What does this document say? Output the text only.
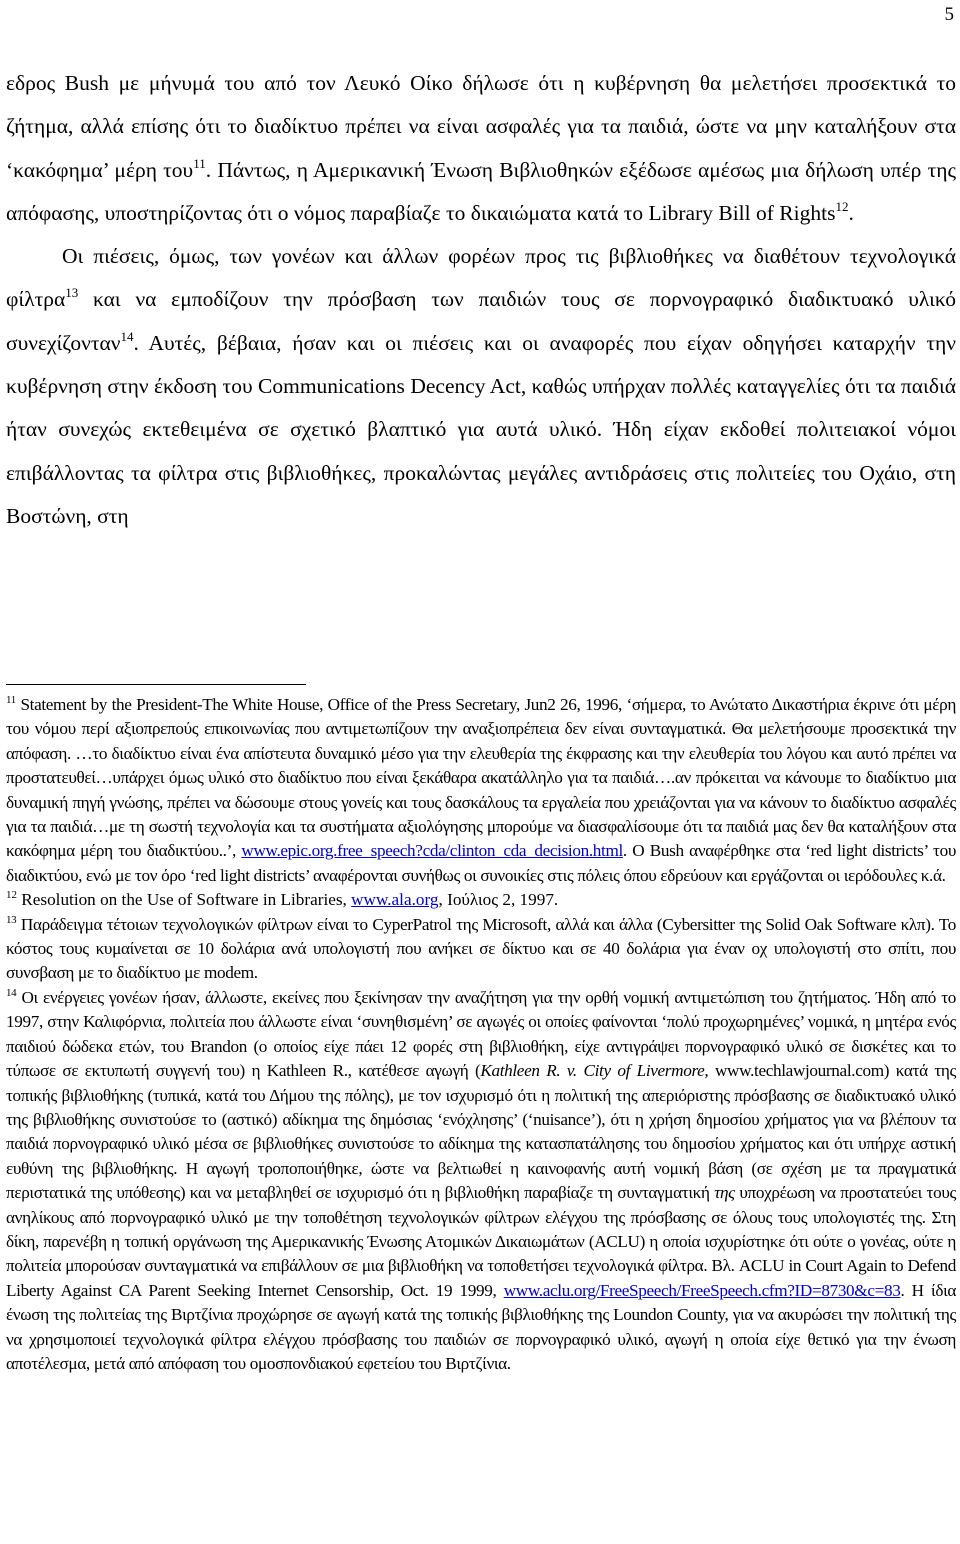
5

εδρος Bush με μήνυμά του από τον Λευκό Οίκο δήλωσε ότι η κυβέρνηση θα μελετήσει προσεκτικά το ζήτημα, αλλά επίσης ότι το διαδίκτυο πρέπει να είναι ασφαλές για τα παιδιά, ώστε να μην καταλήξουν στα ‘κακόφημα’ μέρη του$^{11}$. Πάντως, η Αμερικανική Ένωση Βιβλιοθηκών εξέδωσε αμέσως μια δήλωση υπέρ της απόφασης, υποστηρίζοντας ότι ο νόμος παραβίαζε το δικαιώματα κατά το Library Bill of Rights$^{12}$.

Οι πιέσεις, όμως, των γονέων και άλλων φορέων προς τις βιβλιοθήκες να διαθέτουν τεχνολογικά φίλτρα$^{13}$ και να εμποδίζουν την πρόσβαση των παιδιών τους σε πορνογραφικό διαδικτυακό υλικό συνεχίζονταν$^{14}$. Αυτές, βέβαια, ήσαν και οι πιέσεις και οι αναφορές που είχαν οδηγήσει καταρχήν την κυβέρνηση στην έκδοση του Communications Decency Act, καθώς υπήρχαν πολλές καταγγελίες ότι τα παιδιά ήταν συνεχώς εκτεθειμένα σε σχετικό βλαπτικό για αυτά υλικό. Ήδη είχαν εκδοθεί πολιτειακοί νόμοι επιβάλλοντας τα φίλτρα στις βιβλιοθήκες, προκαλώντας μεγάλες αντιδράσεις στις πολιτείες του Οχάιο, στη Βοστώνη, στη

$^{11}$ Statement by the President-The White House, Office of the Press Secretary, Jun2 26, 1996, ‘σήμερα, το Ανώτατο Δικαστήρια έκρινε ότι μέρη του νόμου περί αξιοπρεπούς επικοινωνίας που αντιμετωπίζουν την αναξιοπρέπεια δεν είναι συνταγματικά. Θα μελετήσουμε προσεκτικά την απόφαση. …το διαδίκτυο είναι ένα απίστευτα δυναμικό μέσο για την ελευθερία της έκφρασης και την ελευθερία του λόγου και αυτό πρέπει να προστατευθεί…υπάρχει όμως υλικό στο διαδίκτυο που είναι ξεκάθαρα ακατάλληλο για τα παιδιά….αν πρόκειται να κάνουμε το διαδίκτυο μια δυναμική πηγή γνώσης, πρέπει να δώσουμε στους γονείς και τους δασκάλους τα εργαλεία που χρειάζονται για να κάνουν το διαδίκτυο ασφαλές για τα παιδιά…με τη σωστή τεχνολογία και τα συστήματα αξιολόγησης μπορούμε να διασφαλίσουμε ότι τα παιδιά μας δεν θα καταλήξουν στα κακόφημα μέρη του διαδικτύου..’, www.epic.org.free_speech?cda/clinton_cda_decision.html. Ο Bush αναφέρθηκε στα ‘red light districts’ του διαδικτύου, ενώ με τον όρο ‘red light districts’ αναφέρονται συνήθως οι συνοικίες στις πόλεις όπου εδρεύουν και εργάζονται οι ιερόδουλες κ.ά.

$^{12}$ Resolution on the Use of Software in Libraries, www.ala.org, Ιούλιος 2, 1997.

$^{13}$ Παράδειγμα τέτοιων τεχνολογικών φίλτρων είναι το CyperPatrol της Microsoft, αλλά και άλλα (Cybersitter της Solid Oak Software κλπ). Το κόστος τους κυμαίνεται σε 10 δολάρια ανά υπολογιστή που ανήκει σε δίκτυο και σε 40 δολάρια για έναν οχ υπολογιστή στο σπίτι, που συνσβαση με το διαδίκτυο με modem.

$^{14}$ Οι ενέργειες γονέων ήσαν, άλλωστε, εκείνες που ξεκίνησαν την αναζήτηση για την ορθή νομική αντιμετώπιση του ζητήματος. Ήδη από το 1997, στην Καλιφόρνια, πολιτεία που άλλωστε είναι ‘συνηθισμένη’ σε αγωγές οι οποίες φαίνονται ‘πολύ προχωρημένες’ νομικά, η μητέρα ενός παιδιού δώδεκα ετών, του Brandon (ο οποίος είχε πάει 12 φορές στη βιβλιοθήκη, είχε αντιγράψει πορνογραφικό υλικό σε δισκέτες και το τύπωσε σε εκτυπωτή συγγενή του) η Kathleen R., κατέθεσε αγωγή (Kathleen R. v. City of Livermore, www.techlawjournal.com) κατά της τοπικής βιβλιοθήκης (τυπικά, κατά του Δήμου της πόλης), με τον ισχυρισμό ότι η πολιτική της απεριόριστης πρόσβασης σε διαδικτυακό υλικό της βιβλιοθήκης συνιστούσε το (αστικό) αδίκημα της δημόσιας ‘ενόχλησης’ (‘nuisance’), ότι η χρήση δημοσίου χρήματος για να βλέπουν τα παιδιά πορνογραφικό υλικό μέσα σε βιβλιοθήκες συνιστούσε το αδίκημα της κατασπατάλησης του δημοσίου χρήματος και ότι υπήρχε αστική ευθύνη της βιβλιοθήκης. Η αγωγή τροποποιήθηκε, ώστε να βελτιωθεί η καινοφανής αυτή νομική βάση (σε σχέση με τα πραγματικά περιστατικά της υπόθεσης) και να μεταβληθεί σε ισχυρισμό ότι η βιβλιοθήκη παραβίαζε τη συνταγματική της υποχρέωση να προστατεύει τους ανηλίκους από πορνογραφικό υλικό με την τοποθέτηση τεχνολογικών φίλτρων ελέγχου της πρόσβασης σε όλους τους υπολογιστές της. Στη δίκη, παρενέβη η τοπική οργάνωση της Αμερικανικής Ένωσης Ατομικών Δικαιωμάτων (ACLU) η οποία ισχυρίστηκε ότι ούτε ο γονέας, ούτε η πολιτεία μπορούσαν συνταγματικά να επιβάλλουν σε μια βιβλιοθήκη να τοποθετήσει τεχνολογικά φίλτρα. Βλ. ACLU in Court Again to Defend Liberty Against CA Parent Seeking Internet Censorship, Oct. 19 1999, www.aclu.org/FreeSpeech/FreeSpeech.cfm?ID=8730&c=83. Η ίδια ένωση της πολιτείας της Βιρτζίνια προχώρησε σε αγωγή κατά της τοπικής βιβλιοθήκης της Loundon County, για να ακυρώσει την πολιτική της να χρησιμοποιεί τεχνολογικά φίλτρα ελέγχου πρόσβασης του παιδιών σε πορνογραφικό υλικό, αγωγή η οποία είχε θετικό για την ένωση αποτέλεσμα, μετά από απόφαση του ομοσπονδιακού εφετείου του Βιρτζίνια.
